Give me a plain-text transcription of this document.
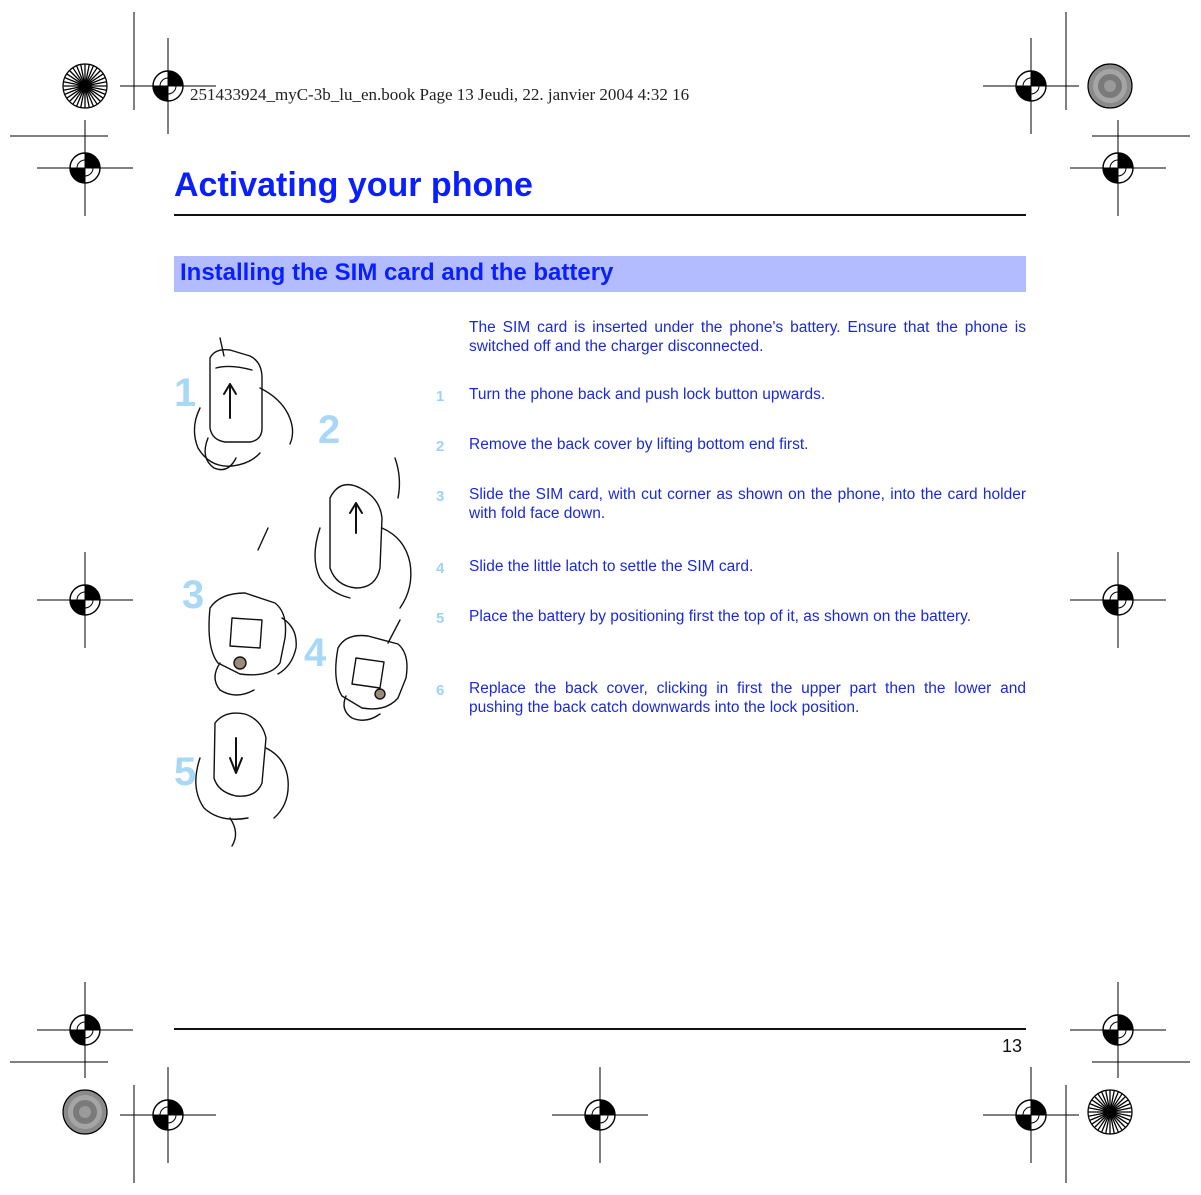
251433924_myC-3b_lu_en.book Page 13 Jeudi, 22. janvier 2004 4:32 16
Activating your phone
Installing the SIM card and the battery
1
2
3
4
5
The SIM card is inserted under the phone's battery. Ensure that the phone is switched off and the charger disconnected.
1	Turn the phone back and push lock button upwards.
2	Remove the back cover by lifting bottom end first.
3	Slide the SIM card, with cut corner as shown on the phone, into the card holder with fold face down.
4	Slide the little latch to settle the SIM card.
5	Place the battery by positioning first the top of it, as shown on the battery.
6	Replace the back cover, clicking in first the upper part then the lower and pushing the back catch downwards into the lock position.
13
